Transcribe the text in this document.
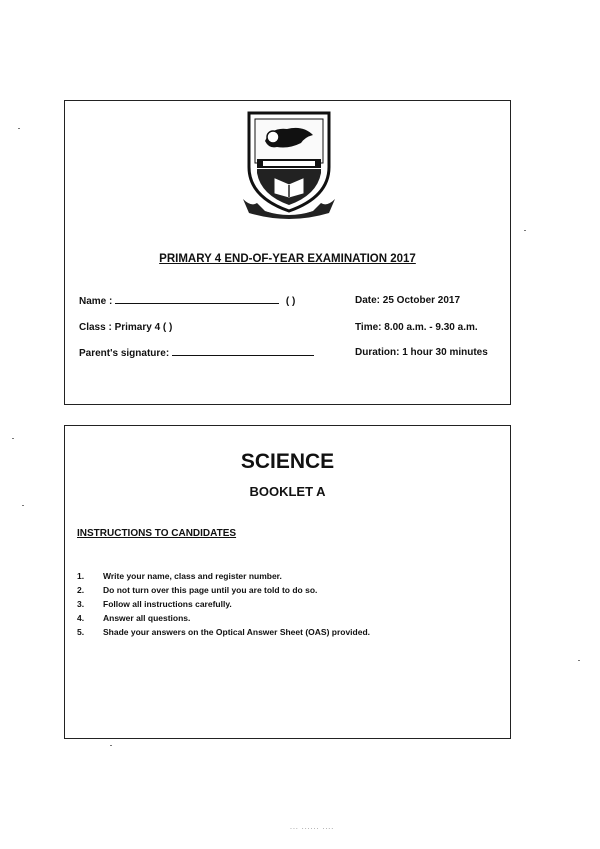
PRIMARY 4 END-OF-YEAR EXAMINATION 2017
Name :	( )	Date: 25 October 2017
Class : Primary 4 ( )	Time: 8.00 a.m. - 9.30 a.m.
Parent's signature:	Duration: 1 hour 30 minutes
SCIENCE
BOOKLET A
INSTRUCTIONS TO CANDIDATES
1. Write your name, class and register number.
2. Do not turn over this page until you are told to do so.
3. Follow all instructions carefully.
4. Answer all questions.
5. Shade your answers on the Optical Answer Sheet (OAS) provided.
... ...... ....
